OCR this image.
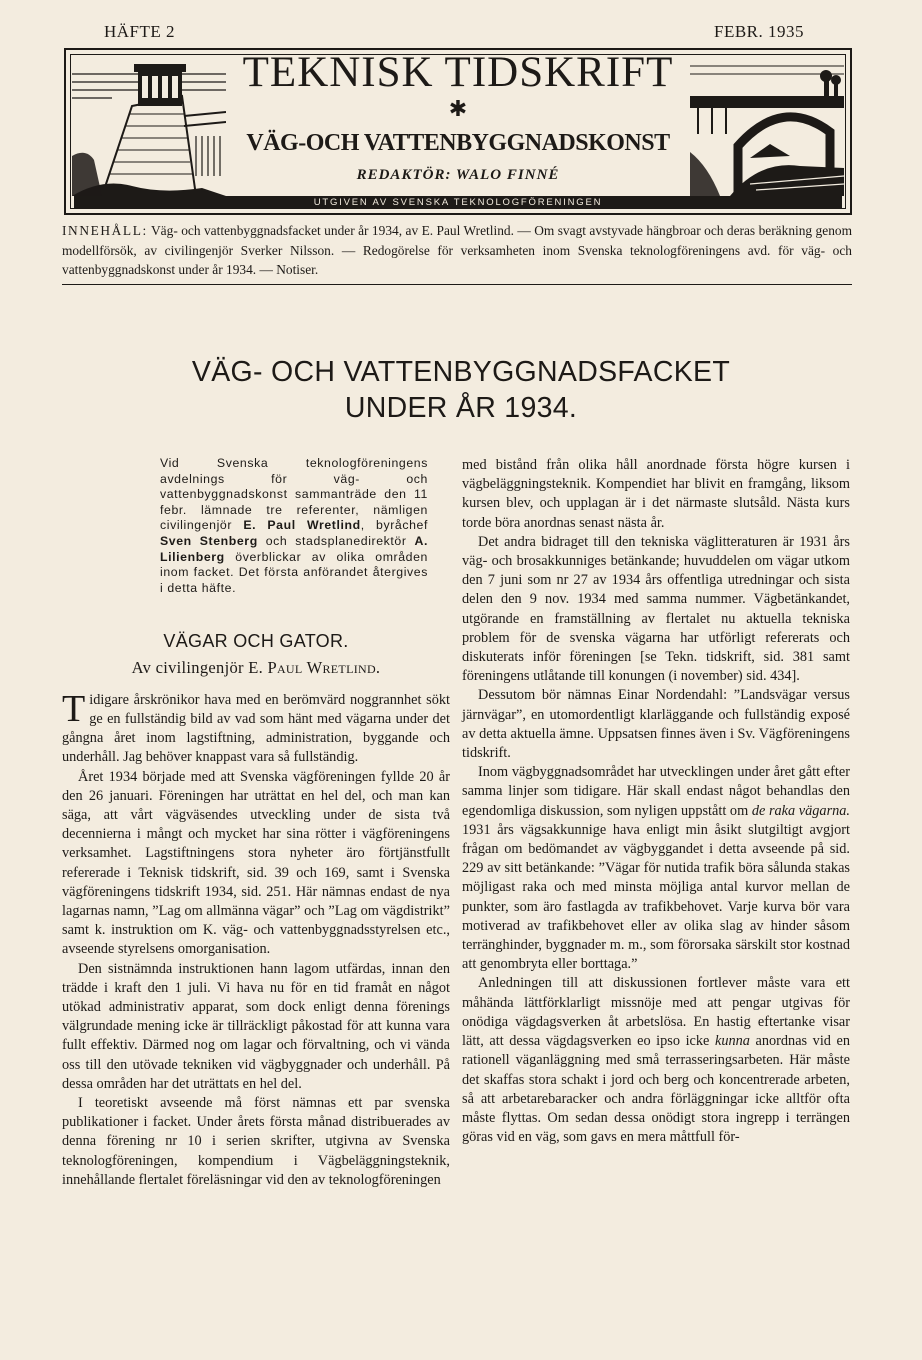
HÄFTE 2	FEBR. 1935
TEKNISK TIDSKRIFT
✱
VÄG-OCH VATTENBYGGNADSKONST
REDAKTÖR: WALO FINNÉ
UTGIVEN AV SVENSKA TEKNOLOGFÖRENINGEN
INNEHÅLL: Väg- och vattenbyggnadsfacket under år 1934, av E. Paul Wretlind. — Om svagt avstyvade hängbroar och deras beräkning genom modellförsök, av civilingenjör Sverker Nilsson. — Redogörelse för verksamheten inom Svenska teknologföreningens avd. för väg- och vattenbyggnadskonst under år 1934. — Notiser.
VÄG- OCH VATTENBYGGNADSFACKET
UNDER ÅR 1934.
Vid Svenska teknologföreningens avdelnings för väg- och vattenbyggnadskonst sammanträde den 11 febr. lämnade tre referenter, nämligen civilingenjör E. Paul Wretlind, byråchef Sven Stenberg och stadsplanedirektör A. Lilienberg överblickar av olika områden inom facket. Det första anförandet återgives i detta häfte.
VÄGAR OCH GATOR.
Av civilingenjör E. Paul Wretlind.

Tidigare årskrönikor hava med en berömvärd noggrannhet sökt ge en fullständig bild av vad som hänt med vägarna under det gångna året inom lagstiftning, administration, byggande och underhåll. Jag behöver knappast vara så fullständig.

Året 1934 började med att Svenska vägföreningen fyllde 20 år den 26 januari. Föreningen har uträttat en hel del, och man kan säga, att vårt vägväsendes utveckling under de sista två decennierna i mångt och mycket har sina rötter i vägföreningens verksamhet. Lagstiftningens stora nyheter äro förtjänstfullt refererade i Teknisk tidskrift, sid. 39 och 169, samt i Svenska vägföreningens tidskrift 1934, sid. 251. Här nämnas endast de nya lagarnas namn, ”Lag om allmänna vägar” och ”Lag om vägdistrikt” samt k. instruktion om K. väg- och vattenbyggnadsstyrelsen etc., avseende styrelsens omorganisation.

Den sistnämnda instruktionen hann lagom utfärdas, innan den trädde i kraft den 1 juli. Vi hava nu för en tid framåt en något utökad administrativ apparat, som dock enligt denna förenings välgrundade mening icke är tillräckligt påkostad för att kunna vara fullt effektiv. Därmed nog om lagar och förvaltning, och vi vända oss till den utövade tekniken vid vägbyggnader och underhåll. På dessa områden har det uträttats en hel del.

I teoretiskt avseende må först nämnas ett par svenska publikationer i facket. Under årets första månad distribuerades av denna förening nr 10 i serien skrifter, utgivna av Svenska teknologföreningen, kompendium i Vägbeläggningsteknik, innehållande flertalet föreläsningar vid den av teknologföreningen

med bistånd från olika håll anordnade första högre kursen i vägbeläggningsteknik. Kompendiet har blivit en framgång, liksom kursen blev, och upplagan är i det närmaste slutsåld. Nästa kurs torde böra anordnas senast nästa år.

Det andra bidraget till den tekniska väglitteraturen är 1931 års väg- och brosakkunniges betänkande; huvuddelen om vägar utkom den 7 juni som nr 27 av 1934 års offentliga utredningar och sista delen den 9 nov. 1934 med samma nummer. Vägbetänkandet, utgörande en framställning av flertalet nu aktuella tekniska problem för de svenska vägarna har utförligt refererats och diskuterats inför föreningen [se Tekn. tidskrift, sid. 381 samt föreningens utlåtande till konungen (i november) sid. 434].

Dessutom bör nämnas Einar Nordendahl: ”Landsvägar versus järnvägar”, en utomordentligt klarläggande och fullständig exposé av detta aktuella ämne. Uppsatsen finnes även i Sv. Vägföreningens tidskrift.

Inom vägbyggnadsområdet har utvecklingen under året gått efter samma linjer som tidigare. Här skall endast något behandlas den egendomliga diskussion, som nyligen uppstått om de raka vägarna. 1931 års vägsakkunnige hava enligt min åsikt slutgiltigt avgjort frågan om bedömandet av vägbyggandet i detta avseende på sid. 229 av sitt betänkande: ”Vägar för nutida trafik böra sålunda stakas möjligast raka och med minsta möjliga antal kurvor mellan de punkter, som äro fastlagda av trafikbehovet. Varje kurva bör vara motiverad av trafikbehovet eller av olika slag av hinder såsom terränghinder, byggnader m. m., som förorsaka särskilt stor kostnad att genombryta eller borttaga.”

Anledningen till att diskussionen fortlever måste vara ett måhända lättförklarligt missnöje med att pengar utgivas för onödiga vägdagsverken åt arbetslösa. En hastig eftertanke visar lätt, att dessa vägdagsverken eo ipso icke kunna anordnas vid en rationell väganläggning med små terrasseringsarbeten. Här måste det skaffas stora schakt i jord och berg och koncentrerade arbeten, så att arbetarebaracker och andra förläggningar icke alltför ofta måste flyttas. Om sedan dessa onödigt stora ingrepp i terrängen göras vid en väg, som gavs en mera måttfull för-
